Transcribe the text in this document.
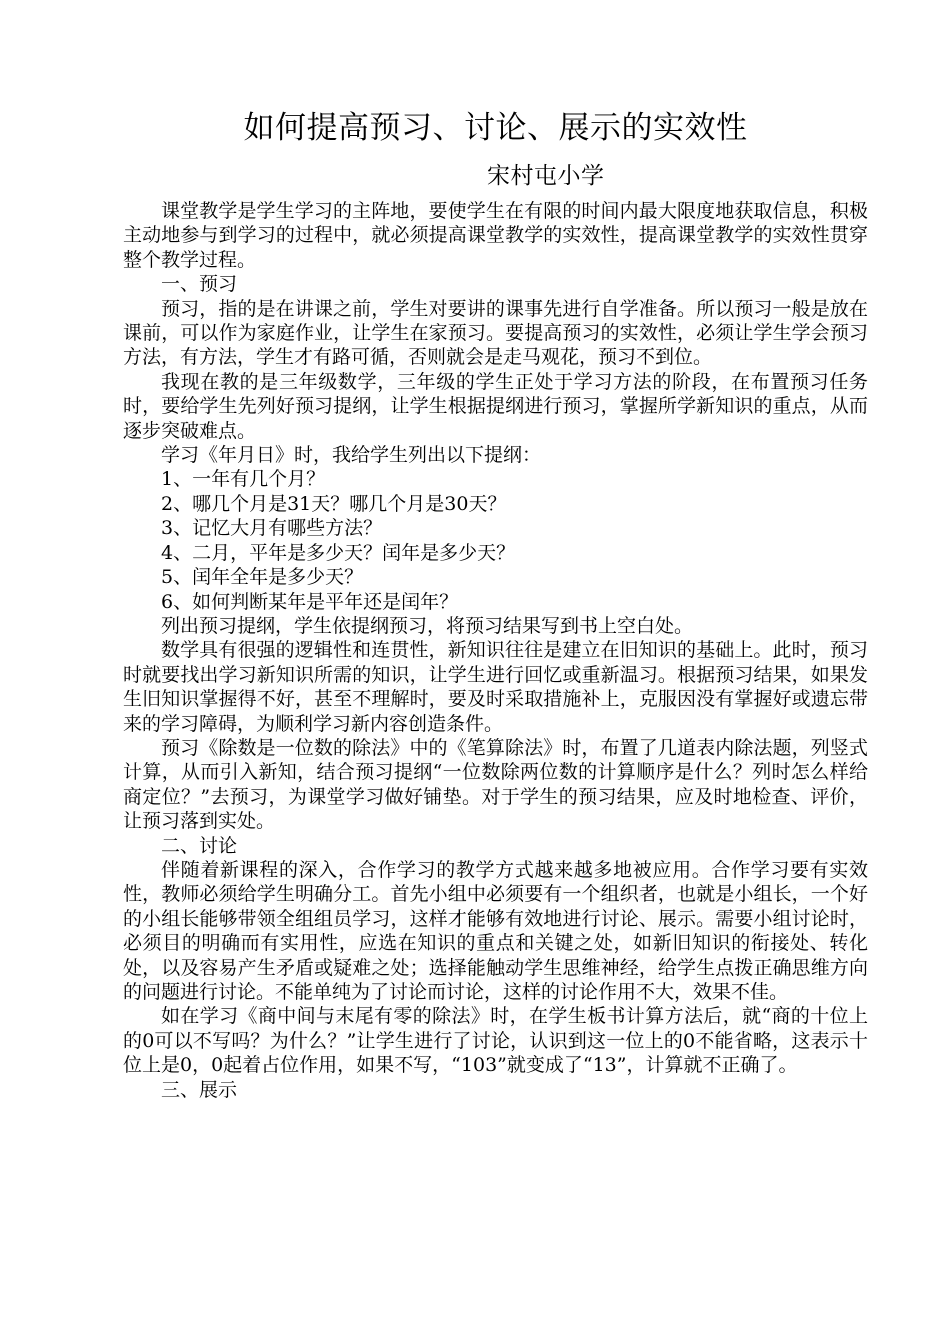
如何提高预习、讨论、展示的实效性
宋村屯小学

课堂教学是学生学习的主阵地，要使学生在有限的时间内最大限度地获取信息，积极主动地参与到学习的过程中，就必须提高课堂教学的实效性，提高课堂教学的实效性贯穿整个教学过程。

一、预习

预习，指的是在讲课之前，学生对要讲的课事先进行自学准备。所以预习一般是放在课前，可以作为家庭作业，让学生在家预习。要提高预习的实效性，必须让学生学会预习方法，有方法，学生才有路可循，否则就会是走马观花，预习不到位。

我现在教的是三年级数学，三年级的学生正处于学习方法的阶段，在布置预习任务时，要给学生先列好预习提纲，让学生根据提纲进行预习，掌握所学新知识的重点，从而逐步突破难点。

学习《年月日》时，我给学生列出以下提纲：

1、一年有几个月？

2、哪几个月是31天？哪几个月是30天？

3、记忆大月有哪些方法？

4、二月，平年是多少天？闰年是多少天？

5、闰年全年是多少天？

6、如何判断某年是平年还是闰年？

列出预习提纲，学生依提纲预习，将预习结果写到书上空白处。

数学具有很强的逻辑性和连贯性，新知识往往是建立在旧知识的基础上。此时，预习时就要找出学习新知识所需的知识，让学生进行回忆或重新温习。根据预习结果，如果发生旧知识掌握得不好，甚至不理解时，要及时采取措施补上，克服因没有掌握好或遗忘带来的学习障碍，为顺利学习新内容创造条件。

预习《除数是一位数的除法》中的《笔算除法》时，布置了几道表内除法题，列竖式计算，从而引入新知，结合预习提纲“一位数除两位数的计算顺序是什么？列时怎么样给商定位？”去预习，为课堂学习做好铺垫。对于学生的预习结果，应及时地检查、评价，让预习落到实处。

二、讨论

伴随着新课程的深入，合作学习的教学方式越来越多地被应用。合作学习要有实效性，教师必须给学生明确分工。首先小组中必须要有一个组织者，也就是小组长，一个好的小组长能够带领全组组员学习，这样才能够有效地进行讨论、展示。需要小组讨论时，必须目的明确而有实用性，应选在知识的重点和关键之处，如新旧知识的衔接处、转化处，以及容易产生矛盾或疑难之处；选择能触动学生思维神经，给学生点拨正确思维方向的问题进行讨论。不能单纯为了讨论而讨论，这样的讨论作用不大，效果不佳。

如在学习《商中间与末尾有零的除法》时，在学生板书计算方法后，就“商的十位上的0可以不写吗？为什么？”让学生进行了讨论，认识到这一位上的0不能省略，这表示十位上是0，0起着占位作用，如果不写，“103”就变成了“13”，计算就不正确了。

三、展示
